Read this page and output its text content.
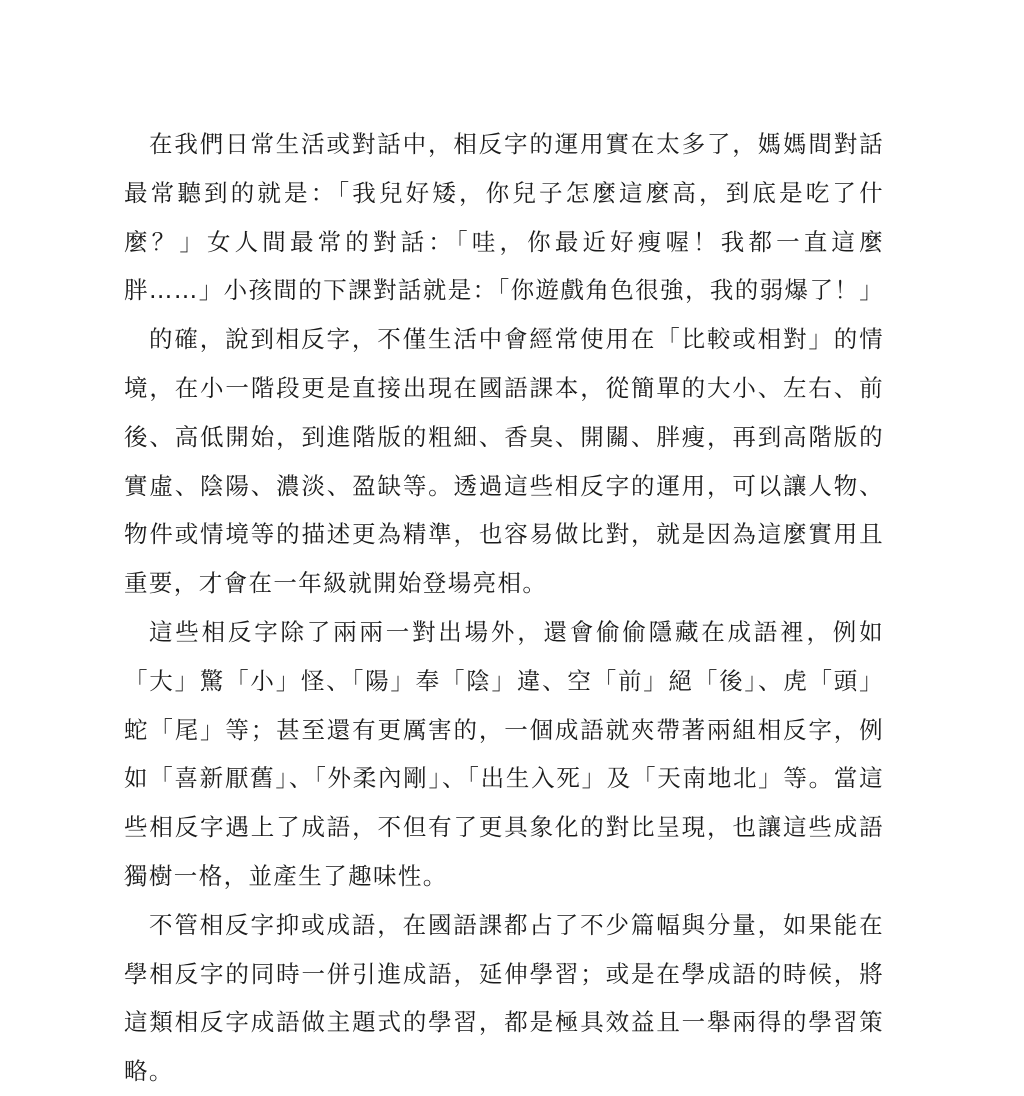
在我們日常生活或對話中，相反字的運用實在太多了，媽媽間對話最常聽到的就是：「我兒好矮，你兒子怎麼這麼高，到底是吃了什麼？」女人間最常的對話：「哇，你最近好瘦喔！我都一直這麼胖……」小孩間的下課對話就是：「你遊戲角色很強，我的弱爆了！」

的確，說到相反字，不僅生活中會經常使用在「比較或相對」的情境，在小一階段更是直接出現在國語課本，從簡單的大小、左右、前後、高低開始，到進階版的粗細、香臭、開關、胖瘦，再到高階版的實虛、陰陽、濃淡、盈缺等。透過這些相反字的運用，可以讓人物、物件或情境等的描述更為精準，也容易做比對，就是因為這麼實用且重要，才會在一年級就開始登場亮相。

這些相反字除了兩兩一對出場外，還會偷偷隱藏在成語裡，例如「大」驚「小」怪、「陽」奉「陰」違、空「前」絕「後」、虎「頭」蛇「尾」等；甚至還有更厲害的，一個成語就夾帶著兩組相反字，例如「喜新厭舊」、「外柔內剛」、「出生入死」及「天南地北」等。當這些相反字遇上了成語，不但有了更具象化的對比呈現，也讓這些成語獨樹一格，並產生了趣味性。

不管相反字抑或成語，在國語課都占了不少篇幅與分量，如果能在學相反字的同時一併引進成語，延伸學習；或是在學成語的時候，將這類相反字成語做主題式的學習，都是極具效益且一舉兩得的學習策略。
